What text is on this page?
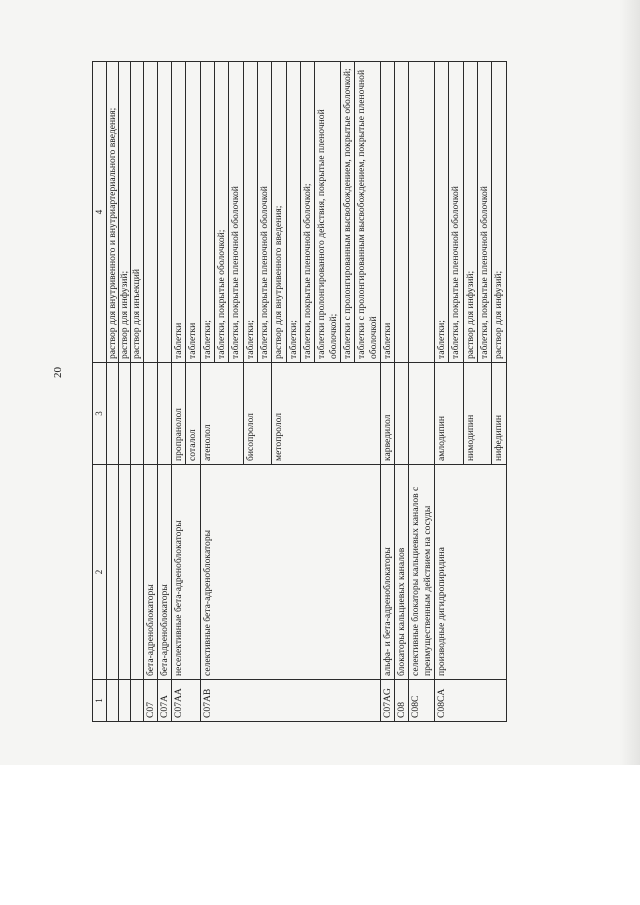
20
1	2	3	4
			раствор для внутривенного и внутриартериального введения;
			раствор для инфузий;
			раствор для инъекций
C07	бета-адреноблокаторы		
C07A	бета-адреноблокаторы		
C07AA	неселективные бета-адреноблокаторы	пропранолол	таблетки
		соталол	таблетки
C07AB	селективные бета-адреноблокаторы	атенолол	таблетки;
			таблетки, покрытые оболочкой;
			таблетки, покрытые пленочной оболочкой
		бисопролол	таблетки;
			таблетки, покрытые пленочной оболочкой
		метопролол	раствор для внутривенного введения;
			таблетки;
			таблетки, покрытые пленочной оболочкой;
			таблетки пролонгированного действия, покрытые пленочной оболочкой;
			таблетки с пролонгированным высвобождением, покрытые оболочкой;
			таблетки с пролонгированным высвобождением, покрытые пленочной оболочкой
C07AG	альфа- и бета-адреноблокаторы	карведилол	таблетки
C08	блокаторы кальциевых каналов		
C08C	селективные блокаторы кальциевых каналов с преимущественным действием на сосуды		
C08CA	производные дигидропиридина	амлодипин	таблетки;
			таблетки, покрытые пленочной оболочкой
		нимодипин	раствор для инфузий;
			таблетки, покрытые пленочной оболочкой
		нифедипин	раствор для инфузий;
